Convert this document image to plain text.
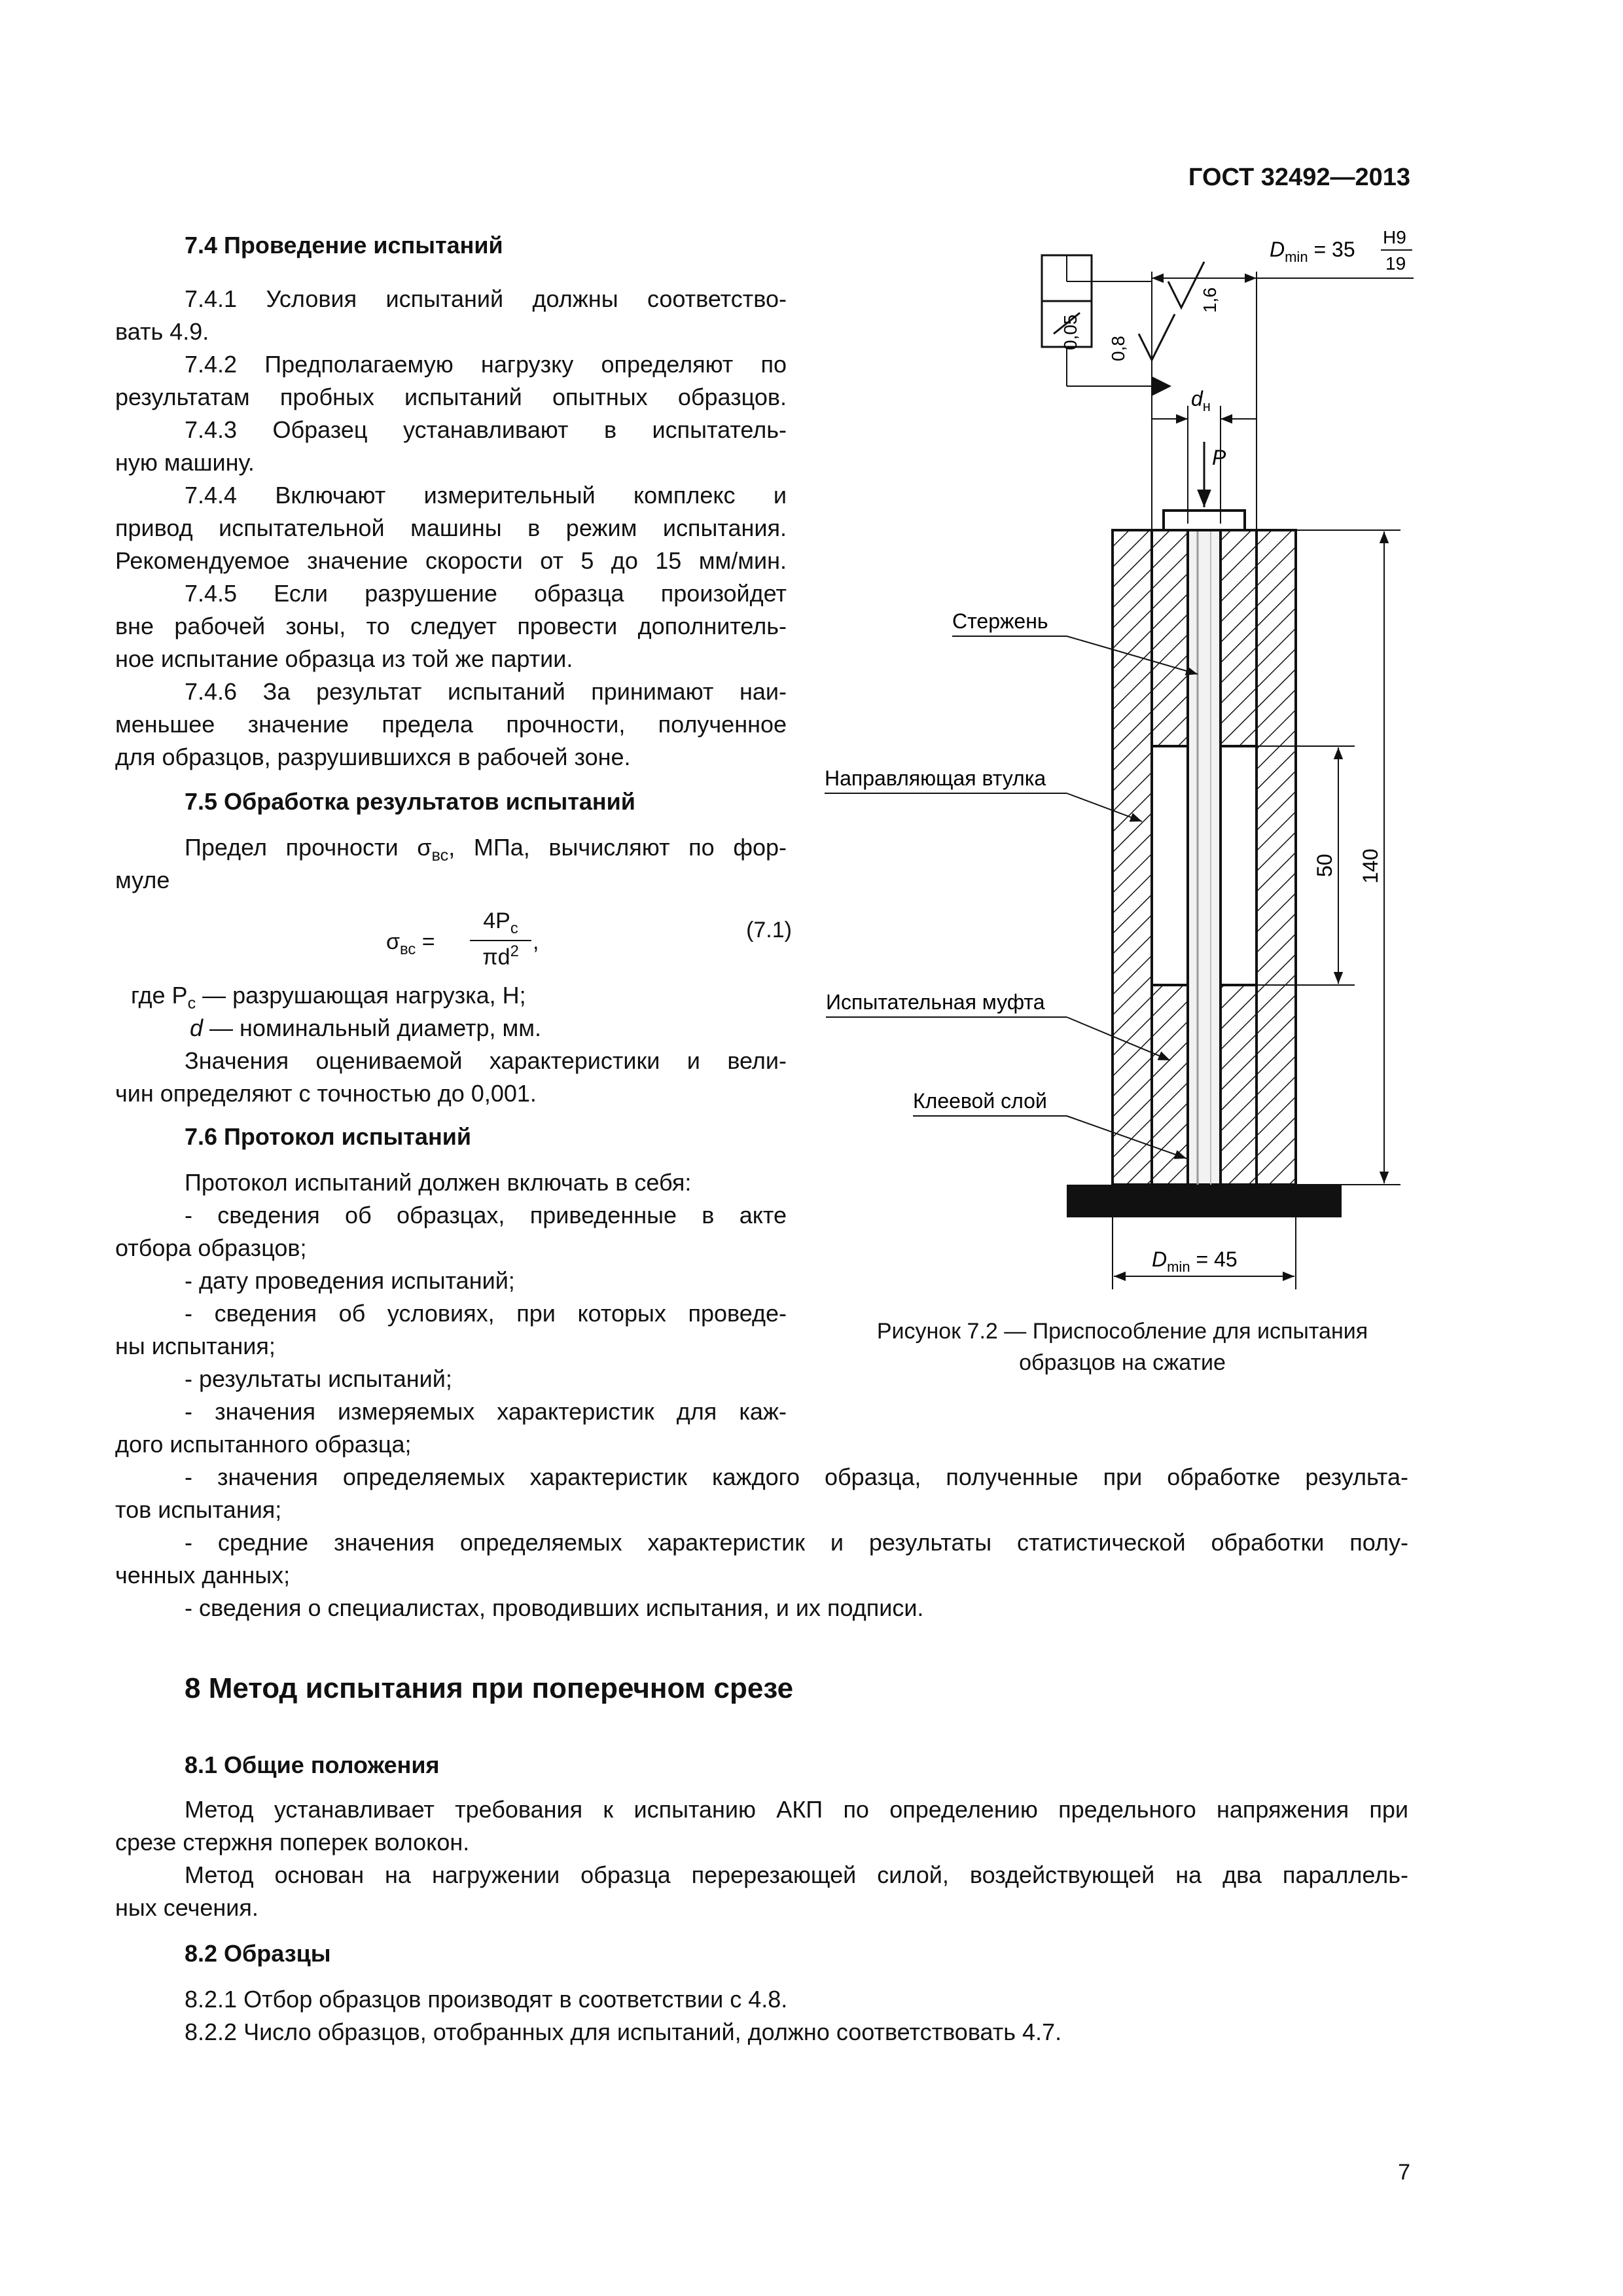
ГОСТ 32492—2013
7.4 Проведение испытаний
7.4.1 Условия испытаний должны соответство-
вать 4.9.
7.4.2 Предполагаемую нагрузку определяют по
результатам пробных испытаний опытных образцов.
7.4.3 Образец устанавливают в испытатель-
ную машину.
7.4.4 Включают измерительный комплекс и
привод испытательной машины в режим испытания.
Рекомендуемое значение скорости от 5 до 15 мм/мин.
7.4.5 Если разрушение образца произойдет
вне рабочей зоны, то следует провести дополнитель-
ное испытание образца из той же партии.
7.4.6 За результат испытаний принимают наи-
меньшее значение предела прочности, полученное
для образцов, разрушившихся в рабочей зоне.
7.5 Обработка результатов испытаний
Предел прочности $\sigma_{вс}$, МПа, вычисляют по фор-
муле
$\sigma_{вс}$ =
$4P_с$
$\pi d^2$ ,	(7.1)
где $P_с$ — разрушающая нагрузка, Н;
d — номинальный диаметр, мм.
Значения оцениваемой характеристики и вели-
чин определяют с точностью до 0,001.
7.6 Протокол испытаний
Протокол испытаний должен включать в себя:
- сведения об образцах, приведенные в акте
отбора образцов;
- дату проведения испытаний;
- сведения об условиях, при которых проведе-
ны испытания;
- результаты испытаний;
- значения измеряемых характеристик для каж-
дого испытанного образца;
- значения определяемых характеристик каждого образца, полученные при обработке результа-
тов испытания;
- средние значения определяемых характеристик и результаты статистической обработки полу-
ченных данных;
- сведения о специалистах, проводивших испытания, и их подписи.
8 Метод испытания при поперечном срезе
8.1 Общие положения
Метод устанавливает требования к испытанию АКП по определению предельного напряжения при
срезе стержня поперек волокон.
Метод основан на нагружении образца перерезающей силой, воздействующей на два параллель-
ных сечения.
8.2 Образцы
8.2.1 Отбор образцов производят в соответствии с 4.8.
8.2.2 Число образцов, отобранных для испытаний, должно соответствовать 4.7.
7
P
$d_н$
$D_{min} = 35$
H9
19
0,05
1,6
0,8
50 140
$D_{min} = 45$
Стержень
Направляющая втулка
Испытательная муфта
Клеевой слой
Рисунок 7.2 — Приспособление для испытания
образцов на сжатие
